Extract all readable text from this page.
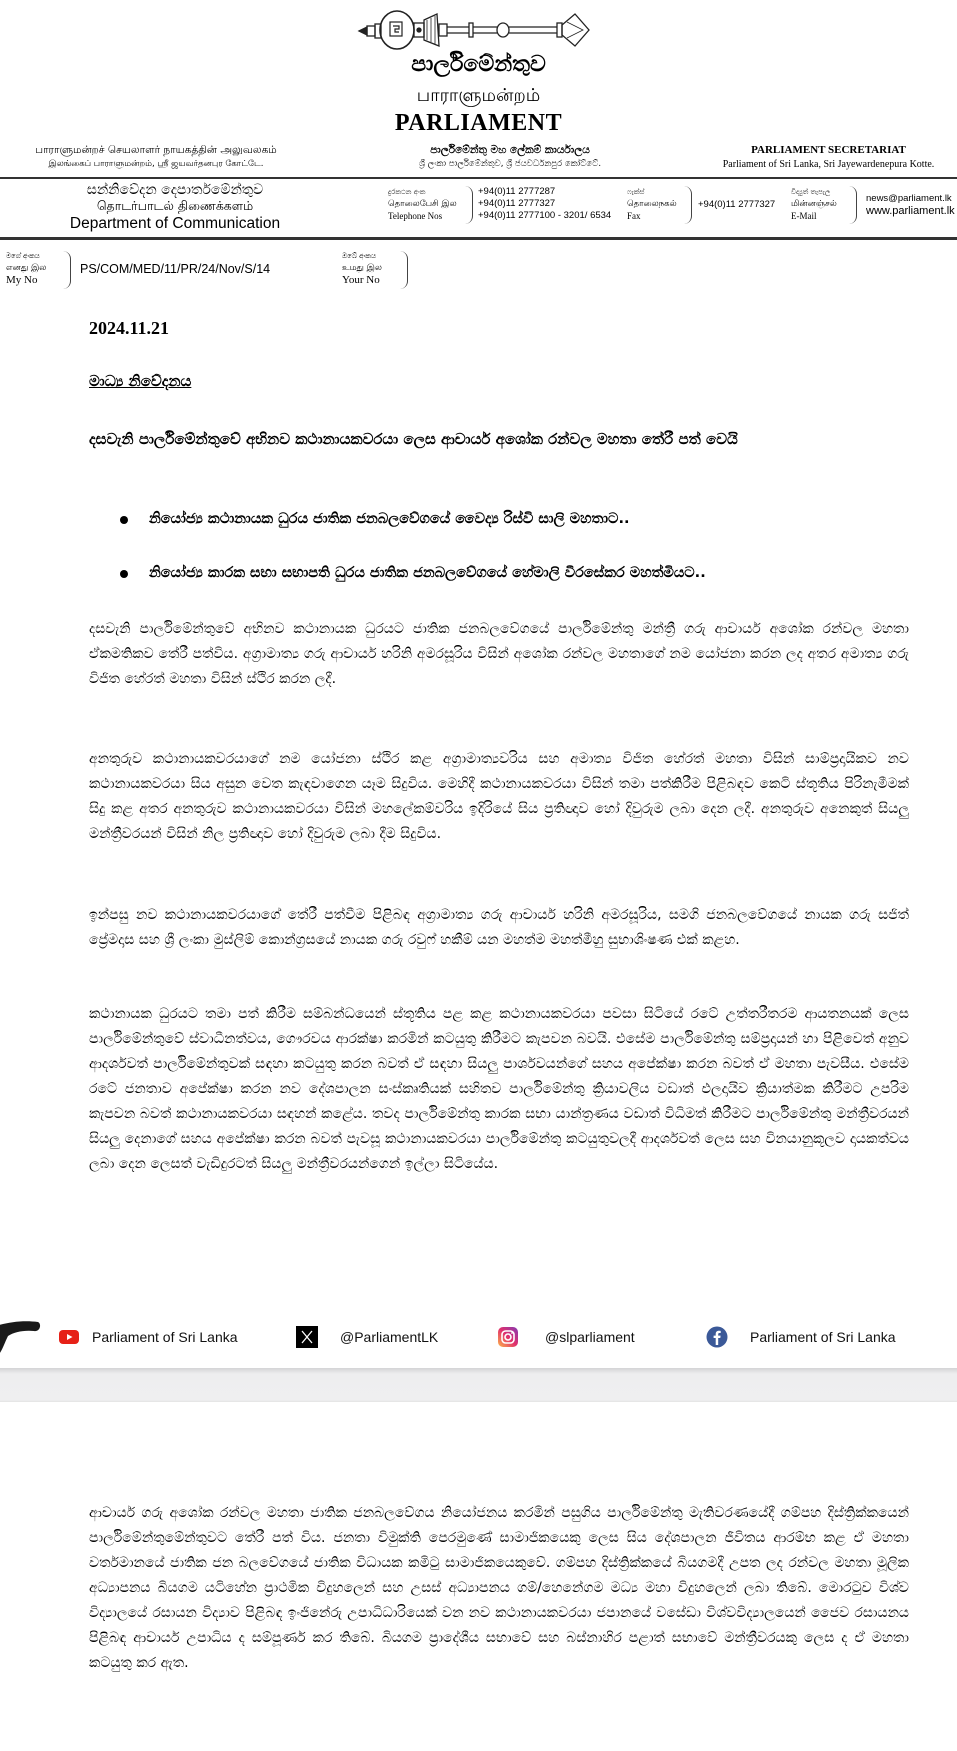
පාර්ලිමේන්තුව
பாராளுமன்றம்
PARLIAMENT
பாராளுமன்றச் செயலாளர் நாயகத்தின் அலுவலகம்
இலங்கைப் பாராளுமன்றம், ஸ்ரீ ஜயவர்தனபுர கோட்டே.
පාර්ලිමේන්තු මහ ලේකම් කාර්යාලය
ශ්‍රී ලංකා පාර්ලිමේන්තුව, ශ්‍රී ජයවර්ධනපුර කෝට්ටේ.
PARLIAMENT SECRETARIAT
Parliament of Sri Lanka, Sri Jayewardenepura Kotte.
සන්නිවේදන දෙපාර්තමේන්තුව
தொடர்பாடல் திணைக்களம்
Department of Communication
දුරකථන අංක
தொலைபேசி இல
Telephone Nos
+94(0)11 2777287
+94(0)11 2777327
+94(0)11 2777100 - 3201/ 6534
ෆැක්ස්
தொலைநகல்
Fax
+94(0)11 2777327
විද්‍යුත් තැපැල
மின்னஞ்சல்
E-Mail
news@parliament.lk
www.parliament.lk
මගේ අංකය
எனது இல
My No
PS/COM/MED/11/PR/24/Nov/S/14
ඔබේ අංකය
உமது இல
Your No
2024.11.21
මාධ්‍ය නිවේදනය
දසවැනි පාර්ලිමේන්තුවේ අභිනව කථානායකවරයා ලෙස ආචාර්ය අශෝක රන්වල මහතා තේරී පත් වෙයි
නියෝජ්‍ය කථානායක ධුරය ජාතික ජනබලවේගයේ වෛද්‍ය රිස්වි සාලි මහතාට..
නියෝජ්‍ය කාරක සභා සභාපති ධුරය ජාතික ජනබලවේගයේ හේමාලි වීරසේකර මහත්මියට..

දසවැනි පාර්ලිමේන්තුවේ අභිනව කථානායක ධුරයට ජාතික ජනබලවේගයේ පාර්ලිමේන්තු මන්ත්‍රී ගරු ආචාර්ය අශෝක රන්වල මහතා ඒකමතිකව තේරී පත්විය. අග්‍රාමාත්‍ය ගරු ආචාර්ය හරිනි අමරසූරිය විසින් අශෝක රන්වල මහතාගේ නම යෝජනා කරන ලද අතර අමාත්‍ය ගරු විජිත හේරත් මහතා විසින් ස්ථිර කරන ලදී.

අනතුරුව කථානායකවරයාගේ නම යෝජනා ස්ථිර කළ අග්‍රාමාත්‍යවරිය සහ අමාත්‍ය විජිත හේරත් මහතා විසින් සාම්ප්‍රදායිකව නව කථානායකවරයා සිය අසුන වෙත කැඳවාගෙන යෑම සිදුවිය. මෙහිදී කථානායකවරයා විසින් තමා පත්කිරීම පිළිබඳව කෙටි ස්තූතිය පිරිනැමීමක් සිදු කළ අතර අනතුරුව කථානායකවරයා විසින් මහලේකම්වරිය ඉදිරියේ සිය ප්‍රතිඥාව හෝ දිවුරුම ලබා දෙන ලදී. අනතුරුව අනෙකුත් සියලු මන්ත්‍රීවරයන් විසින් නිල ප්‍රතිඥාව හෝ දිවුරුම ලබා දීම සිදුවිය.

ඉන්පසු නව කථානායකවරයාගේ තේරී පත්වීම පිළිබඳ අග්‍රාමාත්‍ය ගරු ආචාර්ය හරිනි අමරසූරිය, සමගි ජනබලවේගයේ නායක ගරු සජිත් ප්‍රේමදාස සහ ශ්‍රී ලංකා මුස්ලිම් කොන්ග්‍රසයේ නායක ගරු රවුෆ් හකීම් යන මහත්ම මහත්මීහු සුභාශිංෂණ එක් කළහ.

කථානායක ධුරයට තමා පත් කිරීම සම්බන්ධයෙන් ස්තූතිය පළ කළ කථානායකවරයා පවසා සිටියේ රටේ උත්තරීතරම ආයතනයක් ලෙස පාර්ලිමේන්තුවේ ස්වාධීනත්වය, ගෞරවය ආරක්ෂා කරමින් කටයුතු කිරීමට කැපවන බවයි. එසේම පාර්ලිමේන්තු සම්ප්‍රදායන් හා පිළිවෙත් අනුව ආදර්ශවත් පාර්ලිමේන්තුවක් සඳහා කටයුතු කරන බවත් ඒ සඳහා සියලු පාර්ශවයන්ගේ සහය අපේක්ෂා කරන බවත් ඒ මහතා පැවසීය. එසේම රටේ ජනතාව අපේක්ෂා කරන නව දේශපාලන සංස්කෘතියක් සහිතව පාර්ලිමේන්තු ක්‍රියාවලිය වඩාත් ඵලදායිව ක්‍රියාත්මක කිරීමට උපරිම කැපවන බවත් කථානායකවරයා සඳහන් කළේය. තවද පාර්ලිමේන්තු කාරක සභා යාන්ත්‍රණය වඩාත් විධිමත් කිරීමට පාර්ලිමේන්තු මන්ත්‍රීවරයන් සියලු දෙනාගේ සහය අපේක්ෂා කරන බවත් පැවසූ කථානායකවරයා පාර්ලිමේන්තු කටයුතුවලදී ආදර්ශවත් ලෙස සහ විනයානුකූලව දායකත්වය ලබා දෙන ලෙසත් වැඩිදුරටත් සියලු මන්ත්‍රීවරයන්ගෙන් ඉල්ලා සිටියේය.

Parliament of Sri Lanka	@ParliamentLK	@slparliament	Parliament of Sri Lanka

ආචාර්ය ගරු අශෝක රන්වල මහතා ජාතික ජනබලවේගය නියෝජනය කරමින් පසුගිය පාර්ලිමේන්තු මැතිවරණයේදී ගම්පහ දිස්ත්‍රික්කයෙන් පාර්ලිමේන්තුමේන්තුවට තේරී පත් විය. ජනතා විමුක්ති පෙරමුණේ සාමාජිකයෙකු ලෙස සිය දේශපාලන ජීවිතය ආරම්භ කළ ඒ මහතා වර්තමානයේ ජාතික ජන බලවේගයේ ජාතික විධායක කමිටු සාමාජිකයෙකුවේ. ගම්පහ දිස්ත්‍රික්කයේ බියගමදී උපත ලද රන්වල මහතා මූලික අධ්‍යාපනය බියගම යටිහේන ප්‍රාථමික විදුහලෙන් සහ උසස් අධ්‍යාපනය ගම්/හෙනේගම මධ්‍ය මහා විදුහලෙන් ලබා තිබේ. මොරටුව විශ්ව විද්‍යාලයේ රසායන විද්‍යාව පිළිබඳ ඉංජිනේරු උපාධිධාරියෙක් වන නව කථානායකවරයා ජපානයේ වසේඩා විශ්වවිද්‍යාලයෙන් ජෛව රසායනය පිළිබඳ ආචාර්ය උපාධිය ද සම්පූර්ණ කර තිබේ. බියගම ප්‍රාදේශීය සභාවේ සහ බස්නාහිර පළාත් සභාවේ මන්ත්‍රීවරයකු ලෙස ද ඒ මහතා කටයුතු කර ඇත.
